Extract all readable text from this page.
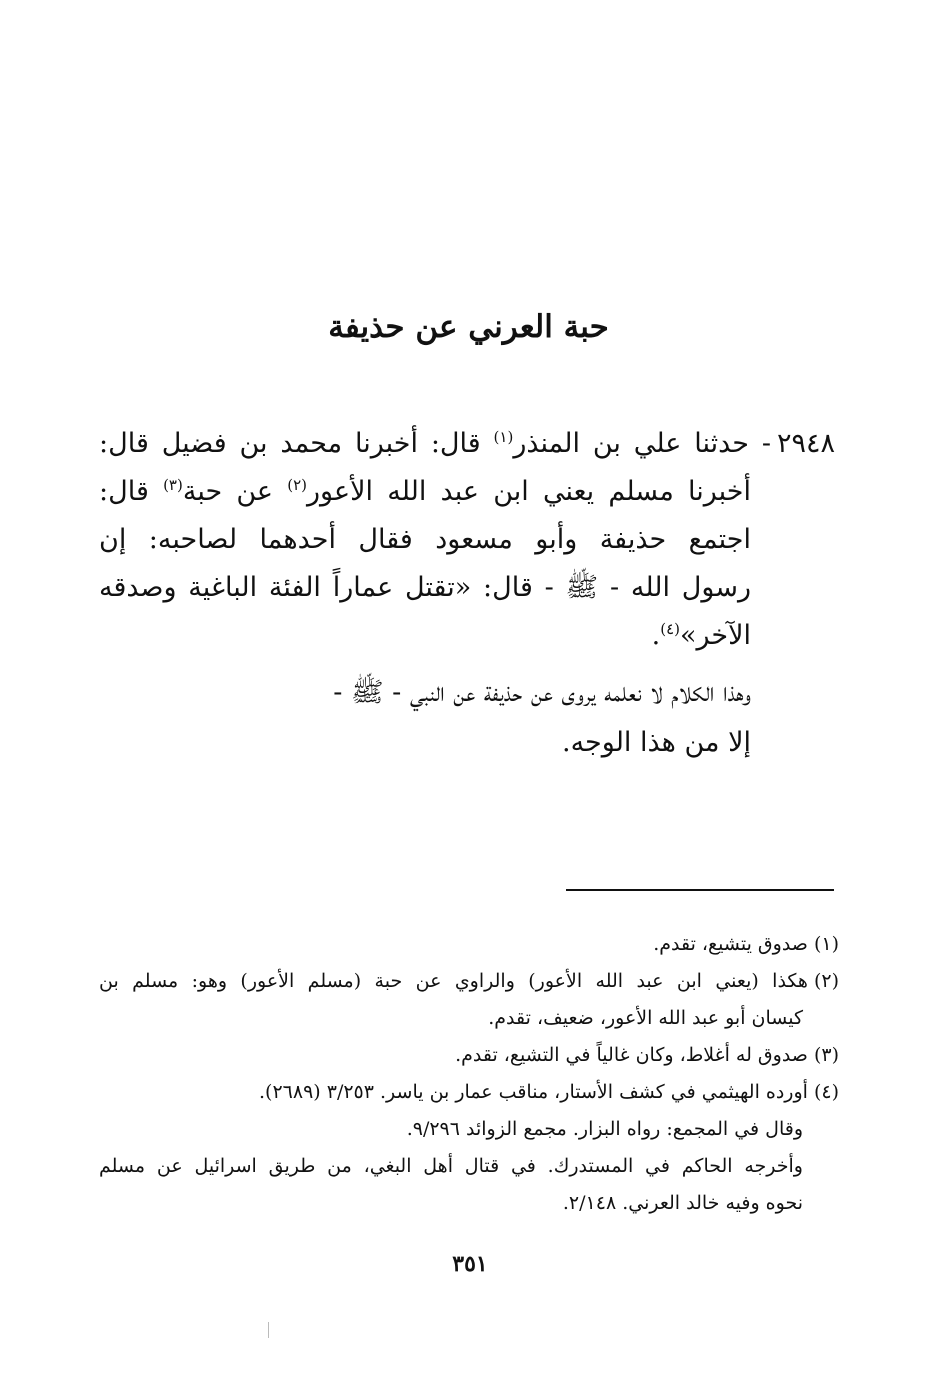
حبة العرني عن حذيفة
٢٩٤٨- حدثنا علي بن المنذر$^{(١)}$ قال: أخبرنا محمد بن فضيل قال:
أخبرنا مسلم يعني ابن عبد الله الأعور$^{(٢)}$ عن حبة$^{(٣)}$ قال:
اجتمع حذيفة وأبو مسعود فقال أحدهما لصاحبه: إن
رسول الله - ﷺ - قال: «تقتل عماراً الفئة الباغية وصدقه
الآخر»$^{(٤)}$.
وهذا الكلام لا نعلمه يروى عن حذيفة عن النبي - ﷺ -
إلا من هذا الوجه.
(١)صدوق يتشيع، تقدم.
(٢)هكذا (يعني ابن عبد الله الأعور) والراوي عن حبة (مسلم الأعور) وهو: مسلم بن
كيسان أبو عبد الله الأعور، ضعيف، تقدم.
(٣)صدوق له أغلاط، وكان غالياً في التشيع، تقدم.
(٤)أورده الهيثمي في كشف الأستار، مناقب عمار بن ياسر. ٣/٢٥٣ (٢٦٨٩).
وقال في المجمع: رواه البزار. مجمع الزوائد ٩/٢٩٦.
وأخرجه الحاكم في المستدرك. في قتال أهل البغي، من طريق اسرائيل عن مسلم
نحوه وفيه خالد العرني. ٢/١٤٨.
٣٥١
